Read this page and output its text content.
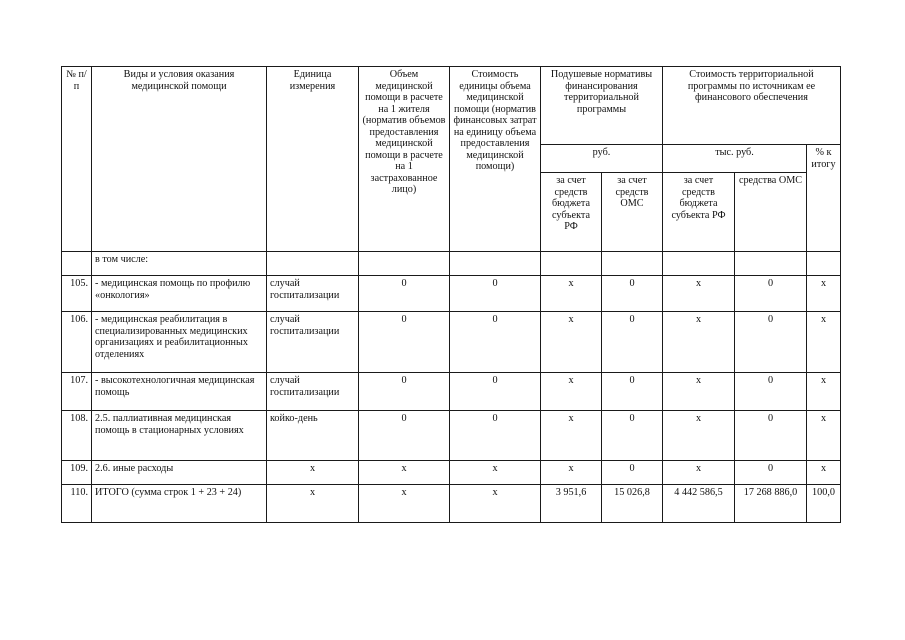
№ п/п	Виды и условия оказания медицинской помощи	Единица измерения	Объем медицинской помощи в расчете на 1 жителя (норматив объемов предоставления медицинской помощи в расчете на 1 застрахованное лицо)	Стоимость единицы объема медицинской помощи (норматив финансовых затрат на единицу объема предоставления медицинской помощи)	Подушевые нормативы финансирования территориальной программы		Стоимость территориальной программы по источникам ее финансового обеспечения		
					руб.		тыс. руб.		% к итогу
					за счет средств бюджета субъекта РФ	за счет средств ОМС	за счет средств бюджета субъекта РФ	средства ОМС	
	в том числе:								
105.	- медицинская помощь по профилю «онкология»	случай госпитализации	0	0	х	0	х	0	х
106.	- медицинская реабилитация в специализированных медицинских организациях и реабилитационных отделениях	случай госпитализации	0	0	х	0	х	0	х
107.	- высокотехнологичная медицинская помощь	случай госпитализации	0	0	х	0	х	0	х
108.	2.5. паллиативная медицинская помощь в стационарных условиях	койко-день	0	0	х	0	х	0	х
109.	2.6. иные расходы	х	х	х	х	0	х	0	х
110.	ИТОГО (сумма строк 1 + 23 + 24)	х	х	х	3 951,6	15 026,8	4 442 586,5	17 268 886,0	100,0
